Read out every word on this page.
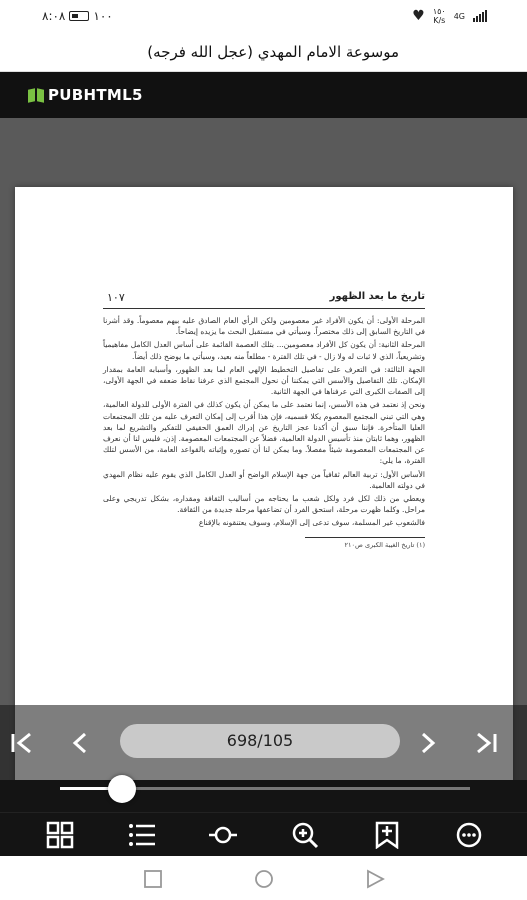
٨:٠٨ ١٠٠	♥ ١٥٠
K/s 4G
موسوعة الامام المهدي (عجل الله فرجه)
PUBHTML5
١٠٧	تاريخ ما بعد الظهور

المرحلة الأولى: أن يكون الأفراد غير معصومين ولكن الرأي العام الصادق عليه بيهم معصوماً. وقد أشرنا في التاريخ السابق إلى ذلك مختصراً. وسيأتي في مستقبل البحث ما يزيده إيضاحاً.

المرحلة الثانية: أن يكون كل الأفراد معصومين... بتلك العصمة القائمة على أساس العدل الكامل مفاهيمياً وتشريعياً، الذي لا ثبات له ولا زال - في تلك الفترة - مطلعاً منه بعيد، وسيأتي ما يوضح ذلك أيضاً.

الجهة الثالثة: في التعرف على تفاصيل التخطيط الإلهي العام لما بعد الظهور، وأسبابه العامة بمقدار الإمكان. تلك التفاصيل والأسس التي يمكننا أن نحول المجتمع الذي عرفنا نقاط ضعفه في الجهة الأولى، إلى الصفات الكبرى التي عرفناها في الجهة الثانية.

ونحن إذ نعتمد في هذه الأسس، إنما نعتمد على ما يمكن أن يكون كذلك في الفترة الأولى للدولة العالمية، وهي التي تبني المجتمع المعصوم يكلا قسميه، فإن هذا أقرب إلى إمكان التعرف عليه من تلك المجتمعات العليا المتأخرة. فإننا سبق أن أكدنا عجز التاريخ عن إدراك العمق الحقيقي للتفكير والتشريع لما بعد الظهور، وهما ثابتان منذ تأسيس الدولة العالمية، فضلاً عن المجتمعات المعصومة. إذن، فليس لنا أن نعرف عن المجتمعات المعصومة شيئاً مفصلاً. وما يمكن لنا أن تصوره وإثباته بالقواعد العامة، من الأسس لتلك الفترة، ما يلي:

الأساس الأول: تربية العالم ثقافياً من جهة الإسلام الواضح أو العدل الكامل الذي يقوم عليه نظام المهدي في دولته العالمية.

ويعطي من ذلك لكل فرد ولكل شعب ما يحتاجه من أساليب الثقافة ومقداره، بشكل تدريجي وعلى مراحل. وكلما ظهرت مرحلة، استحق الفرد أن تضاعفها مرحلة جديدة من الثقافة.

فالشعوب غير المسلمة، سوف تدعى إلى الإسلام، وسوف يعتنقونه بالإقناع

(١) تاريخ الغيبة الكبرى ص٢١٠

698/105
